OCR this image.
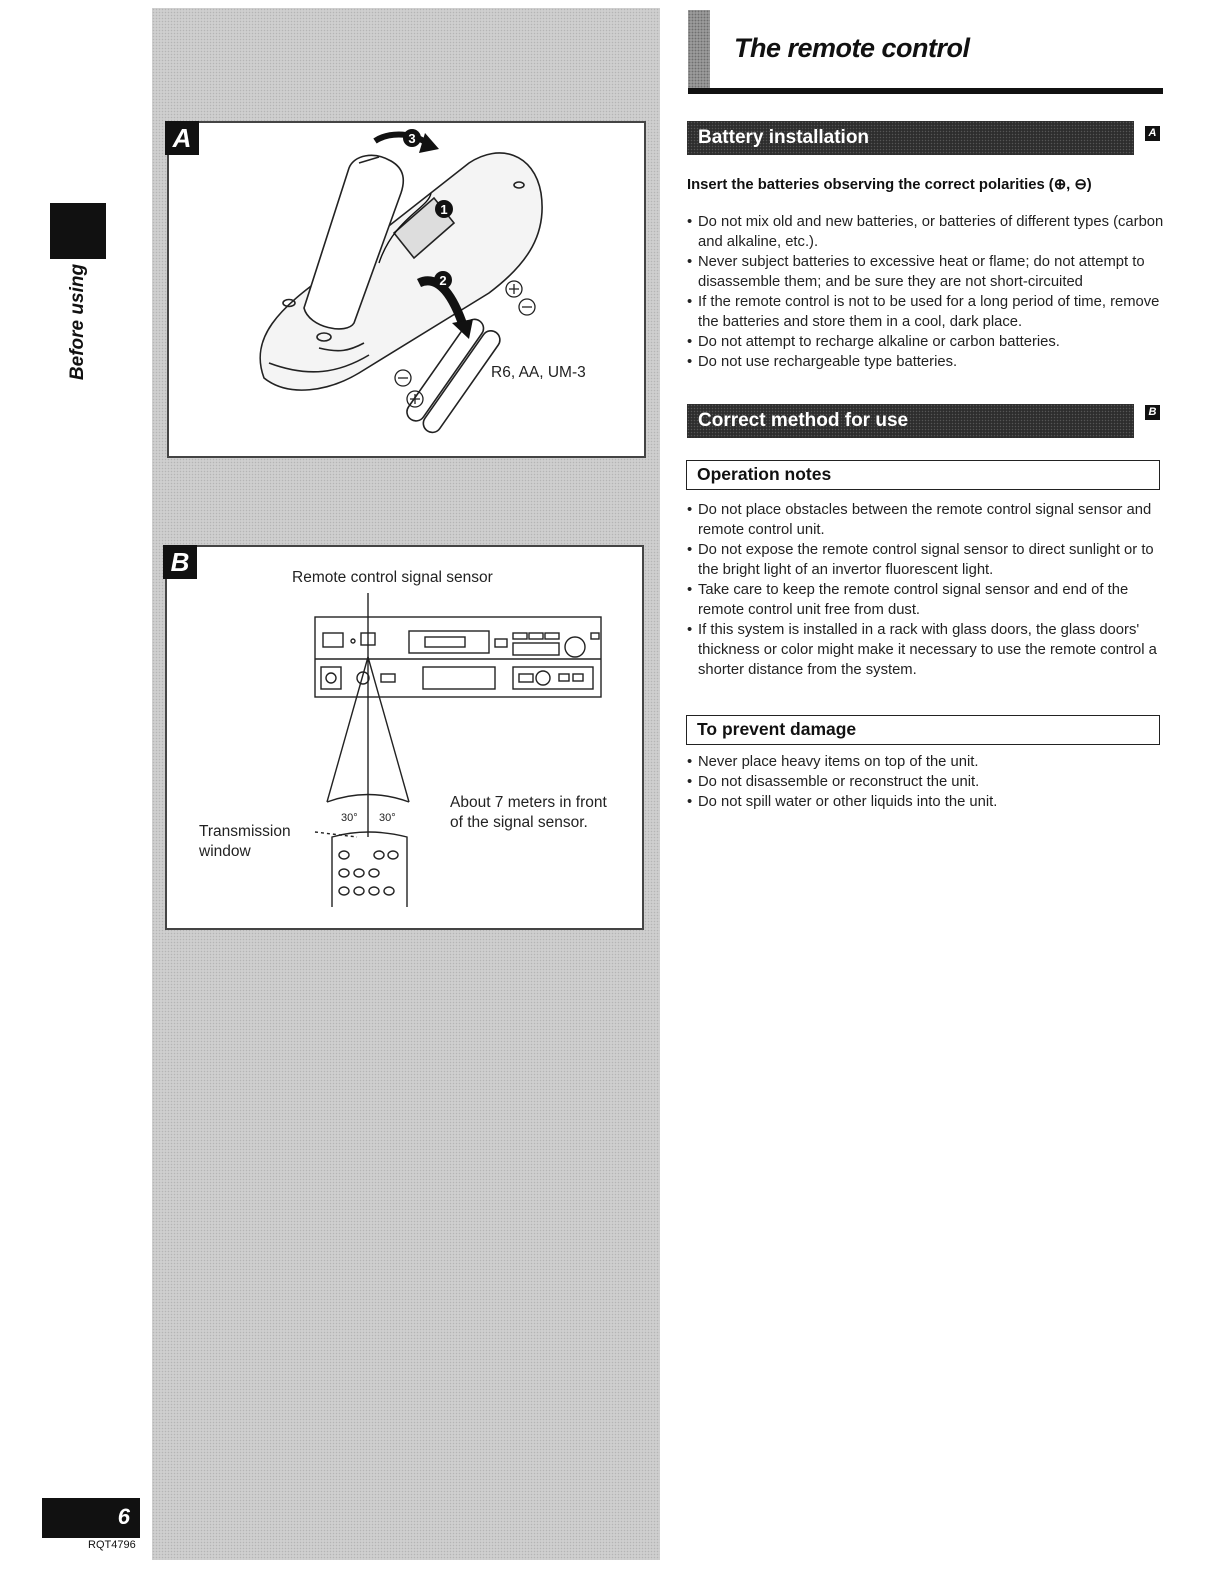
Before using
6
RQT4796
A
1
2
3
R6, AA, UM-3
B
Remote control signal sensor
30° 30°
About 7 meters in front
of the signal sensor.
Transmission
window
The remote control
Battery installation	A
Insert the batteries observing the correct polarities (⊕, ⊖)
• Do not mix old and new batteries, or batteries of different types (carbon and alkaline, etc.).
• Never subject batteries to excessive heat or flame; do not attempt to disassemble them; and be sure they are not short-circuited
• If the remote control is not to be used for a long period of time, remove the batteries and store them in a cool, dark place.
• Do not attempt to recharge alkaline or carbon batteries.
• Do not use rechargeable type batteries.
Correct method for use	B
Operation notes
• Do not place obstacles between the remote control signal sensor and remote control unit.
• Do not expose the remote control signal sensor to direct sunlight or to the bright light of an invertor fluorescent light.
• Take care to keep the remote control signal sensor and end of the remote control unit free from dust.
• If this system is installed in a rack with glass doors, the glass doors' thickness or color might make it necessary to use the remote control a shorter distance from the system.
To prevent damage
• Never place heavy items on top of the unit.
• Do not disassemble or reconstruct the unit.
• Do not spill water or other liquids into the unit.
